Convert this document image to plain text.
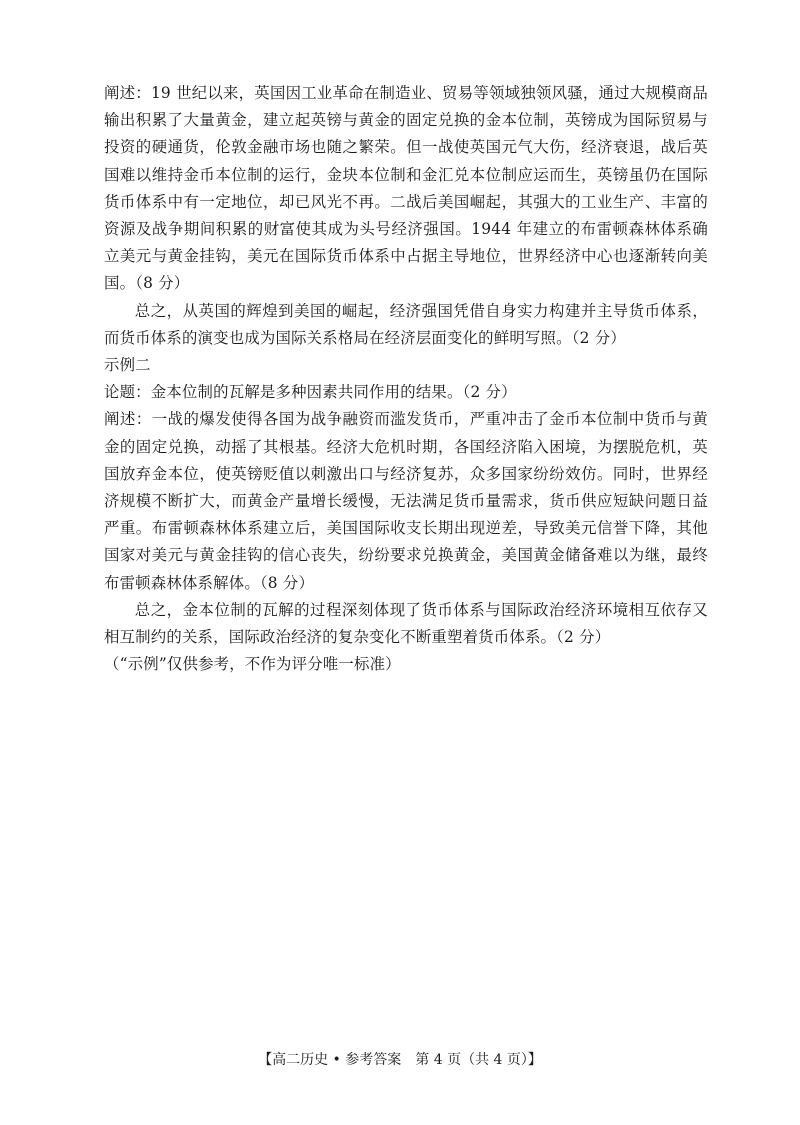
阐述：19 世纪以来，英国因工业革命在制造业、贸易等领域独领风骚，通过大规模商品输出积累了大量黄金，建立起英镑与黄金的固定兑换的金本位制，英镑成为国际贸易与投资的硬通货，伦敦金融市场也随之繁荣。但一战使英国元气大伤，经济衰退，战后英国难以维持金币本位制的运行，金块本位制和金汇兑本位制应运而生，英镑虽仍在国际货币体系中有一定地位，却已风光不再。二战后美国崛起，其强大的工业生产、丰富的资源及战争期间积累的财富使其成为头号经济强国。1944 年建立的布雷顿森林体系确立美元与黄金挂钩，美元在国际货币体系中占据主导地位，世界经济中心也逐渐转向美国。（8 分）

总之，从英国的辉煌到美国的崛起，经济强国凭借自身实力构建并主导货币体系，而货币体系的演变也成为国际关系格局在经济层面变化的鲜明写照。（2 分）

示例二

论题：金本位制的瓦解是多种因素共同作用的结果。（2 分）

阐述：一战的爆发使得各国为战争融资而滥发货币，严重冲击了金币本位制中货币与黄金的固定兑换，动摇了其根基。经济大危机时期，各国经济陷入困境，为摆脱危机，英国放弃金本位，使英镑贬值以刺激出口与经济复苏，众多国家纷纷效仿。同时，世界经济规模不断扩大，而黄金产量增长缓慢，无法满足货币量需求，货币供应短缺问题日益严重。布雷顿森林体系建立后，美国国际收支长期出现逆差，导致美元信誉下降，其他国家对美元与黄金挂钩的信心丧失，纷纷要求兑换黄金，美国黄金储备难以为继，最终布雷顿森林体系解体。（8 分）

总之，金本位制的瓦解的过程深刻体现了货币体系与国际政治经济环境相互依存又相互制约的关系，国际政治经济的复杂变化不断重塑着货币体系。（2 分）

（“示例”仅供参考，不作为评分唯一标准）

【高二历史 • 参考答案　第 4 页（共 4 页）】
